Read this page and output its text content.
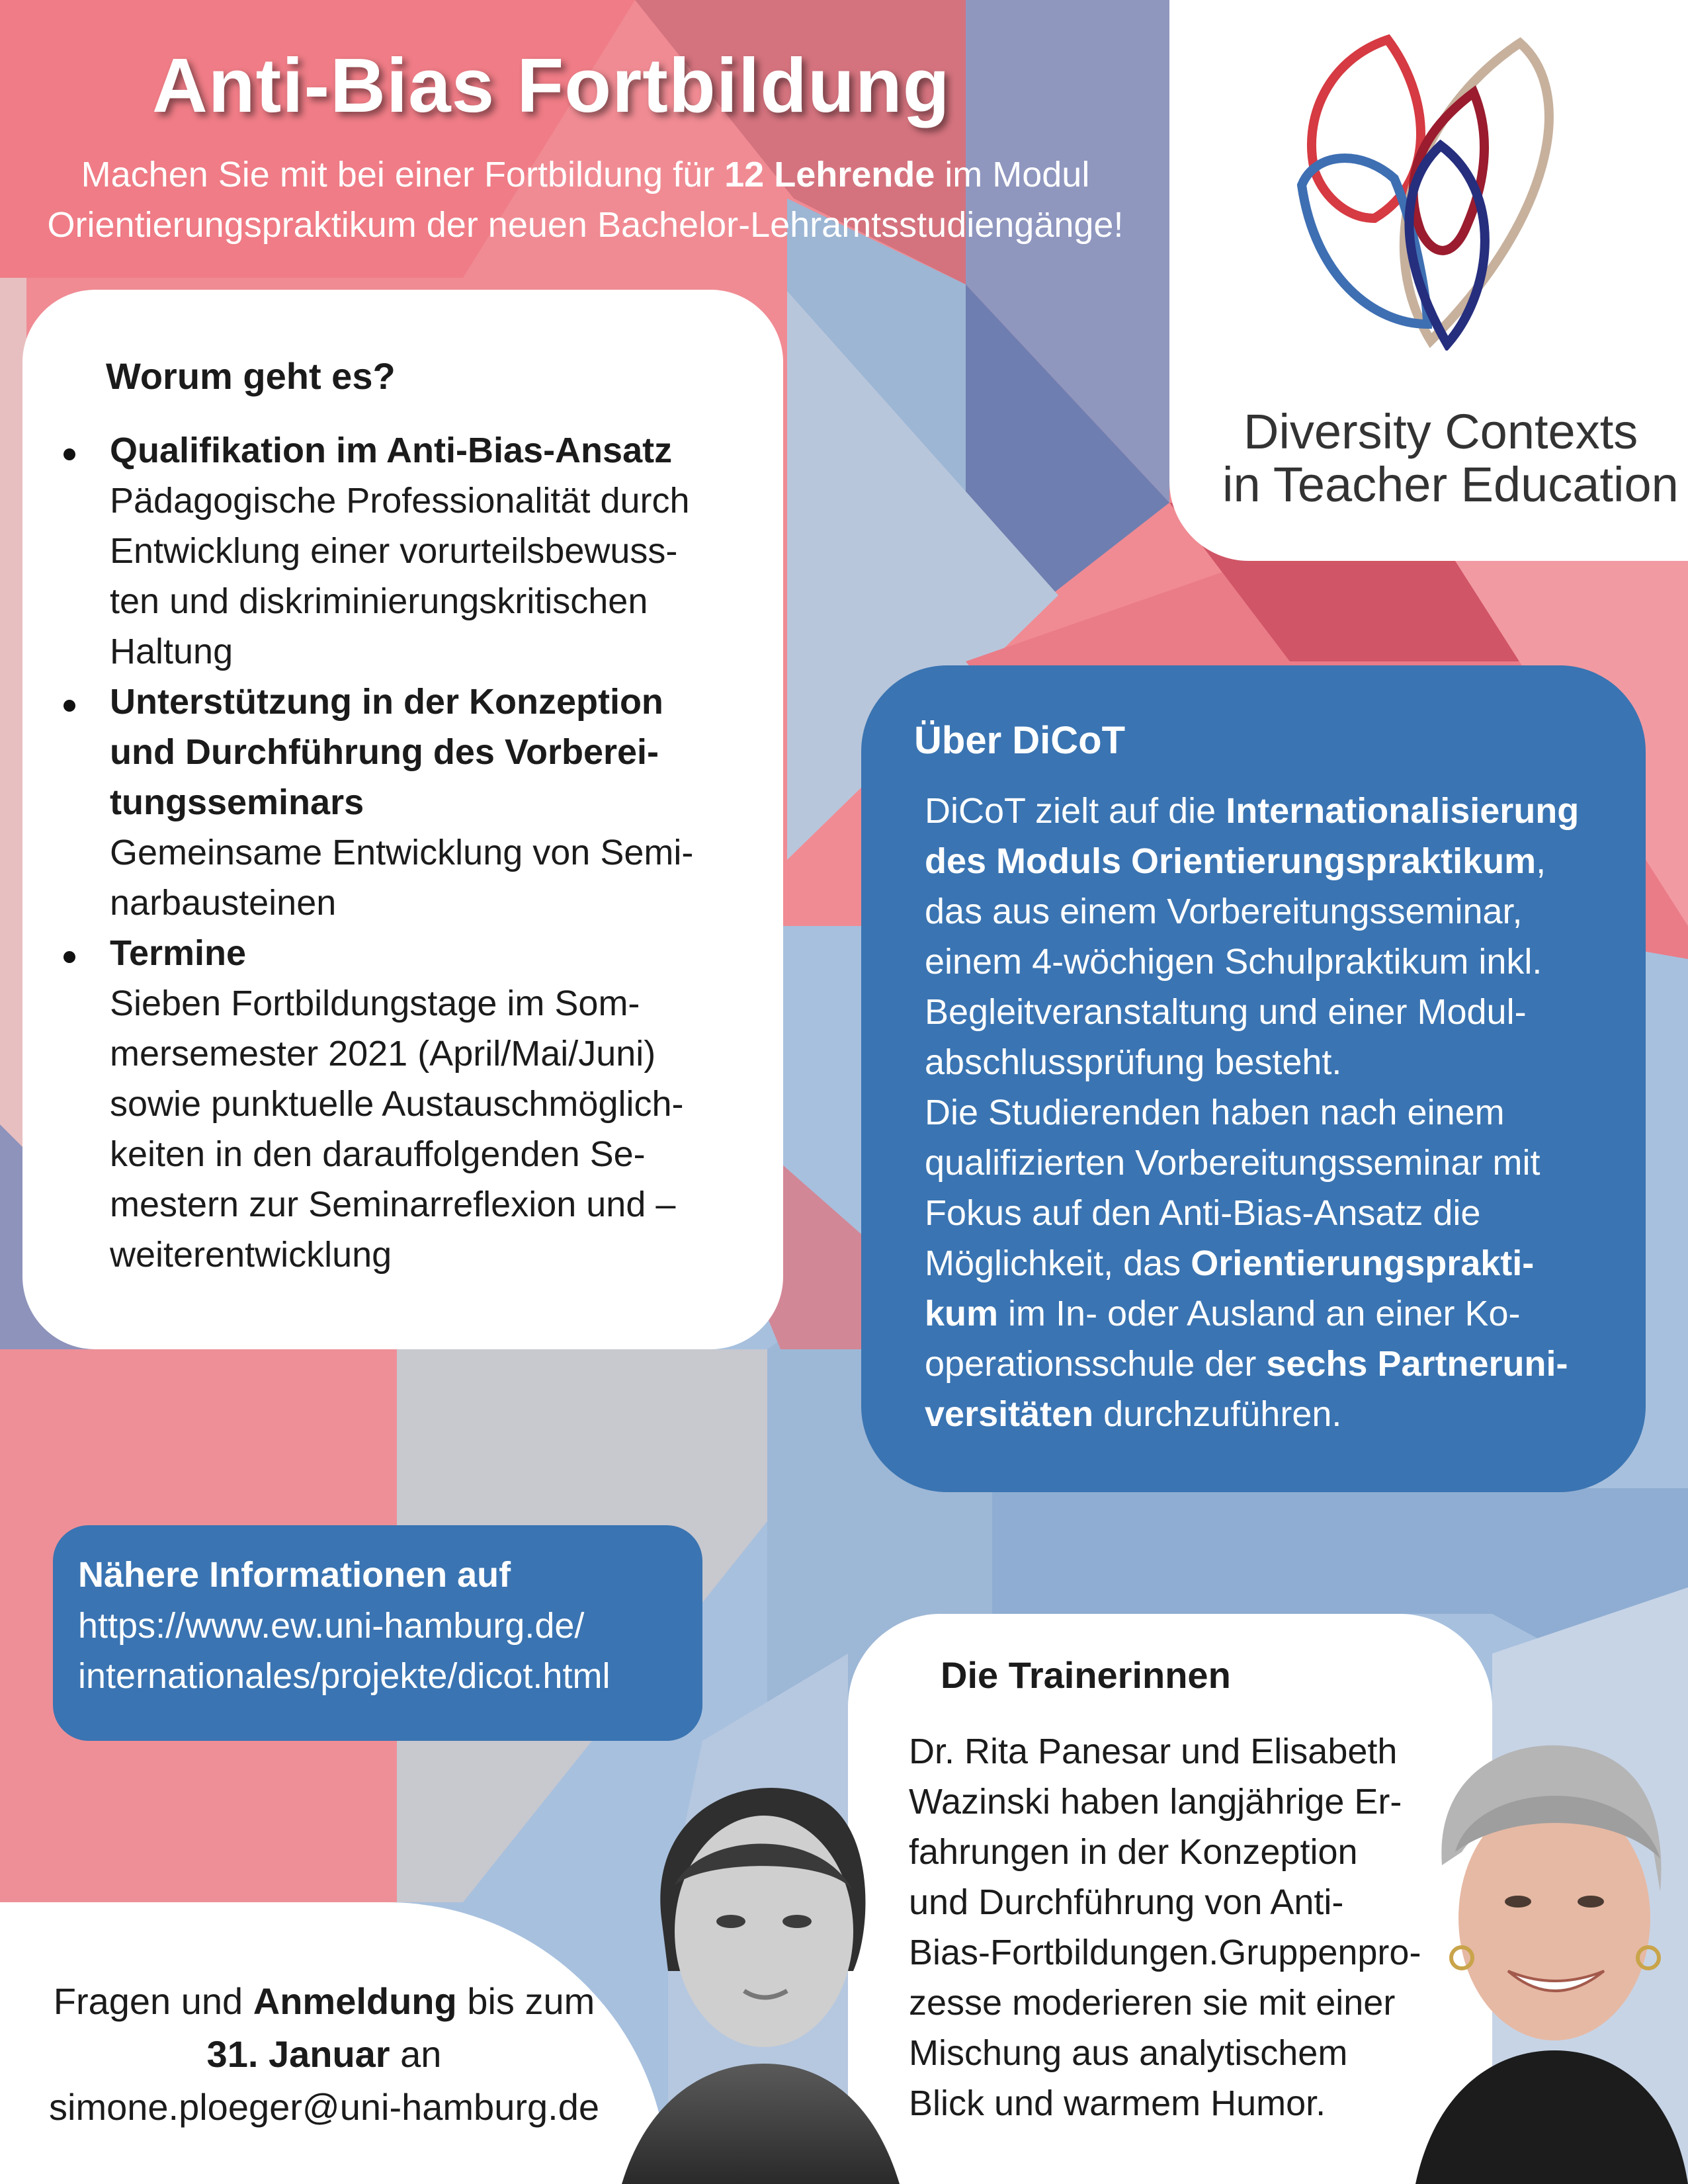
Anti-Bias Fortbildung

Machen Sie mit bei einer Fortbildung für 12 Lehrende im Modul
Orientierungspraktikum der neuen Bachelor-Lehramtsstudiengänge!

Diversity Contexts

in Teacher Education

Worum geht es?

Qualifikation im Anti-Bias-Ansatz
Pädagogische Professionalität durch
Entwicklung einer vorurteilsbewuss-
ten und diskriminierungskritischen
Haltung
Unterstützung in der Konzeption
und Durchführung des Vorberei-
tungsseminars
Gemeinsame Entwicklung von Semi-
narbausteinen
Termine
Sieben Fortbildungstage im Som-
mersemester 2021 (April/Mai/Juni)
sowie punktuelle Austauschmöglich-
keiten in den darauffolgenden Se-
mestern zur Seminarreflexion und –
weiterentwicklung

Über DiCoT

DiCoT zielt auf die Internationalisierung
des Moduls Orientierungspraktikum,
das aus einem Vorbereitungsseminar,
einem 4-wöchigen Schulpraktikum inkl.
Begleitveranstaltung und einer Modul-
abschlussprüfung besteht.
Die Studierenden haben nach einem
qualifizierten Vorbereitungsseminar mit
Fokus auf den Anti-Bias-Ansatz die
Möglichkeit, das Orientierungsprakti-
kum im In- oder Ausland an einer Ko-
operationsschule der sechs Partneruni-
versitäten durchzuführen.

Nähere Informationen auf

https://www.ew.uni-hamburg.de/
internationales/projekte/dicot.html	Die Trainerinnen

Dr. Rita Panesar und Elisabeth
Wazinski haben langjährige Er-
fahrungen in der Konzeption
und Durchführung von Anti-
Bias-Fortbildungen.Gruppenpro-
zesse moderieren sie mit einer
Mischung aus analytischem
Blick und warmem Humor.
Fragen und Anmeldung bis zum
31. Januar an
simone.ploeger@uni-hamburg.de
